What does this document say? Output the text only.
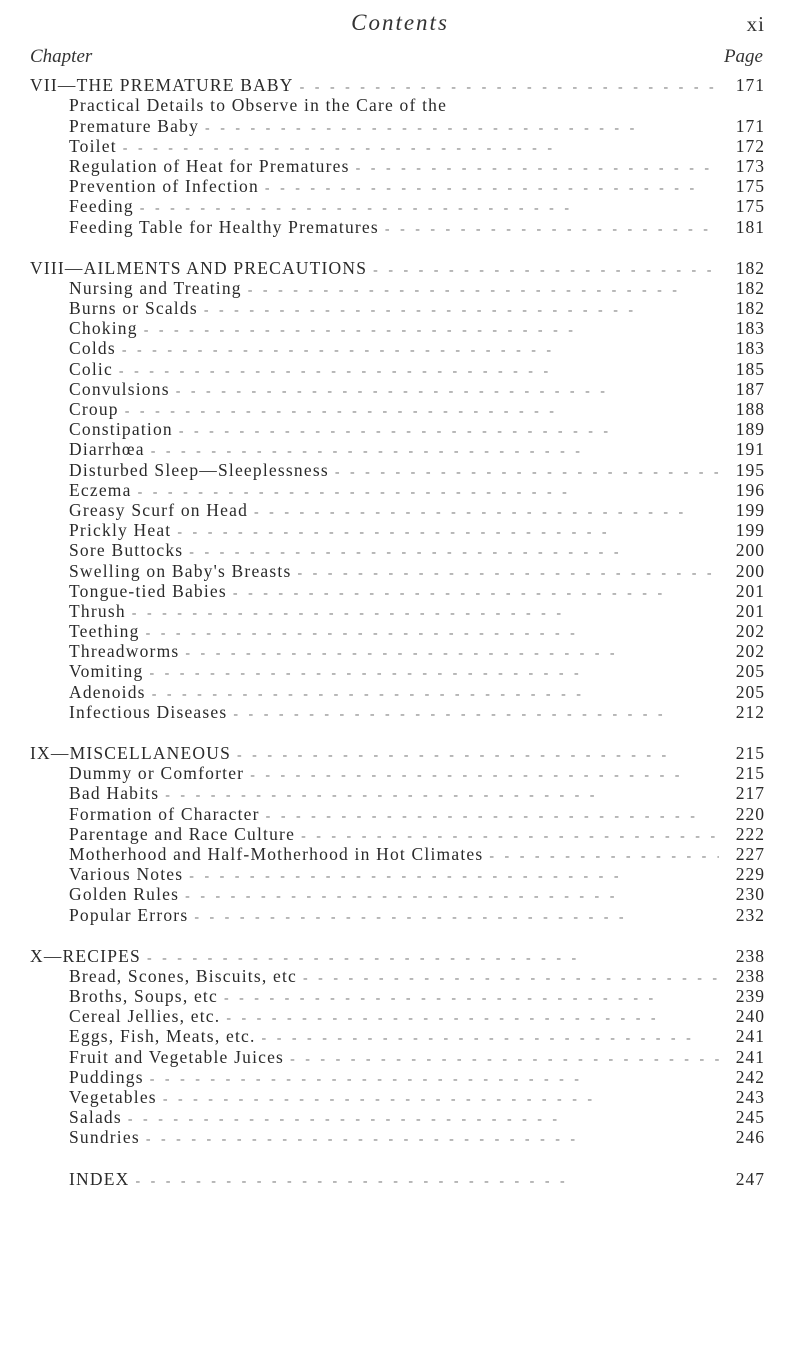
Contents	xi
Chapter	Page
VII—THE PREMATURE BABY - -	171
Practical Details to Observe in the Care of the
Premature Baby - -	171
Toilet - -	172
Regulation of Heat for Prematures - -	173
Prevention of Infection - -	175
Feeding - -	175
Feeding Table for Healthy Prematures - -	181
VIII—AILMENTS AND PRECAUTIONS - -	182
Nursing and Treating - -	182
Burns or Scalds - -	182
Choking - -	183
Colds - -	183
Colic - -	185
Convulsions - -	187
Croup - -	188
Constipation - -	189
Diarrhœa - -	191
Disturbed Sleep—Sleeplessness - -	195
Eczema - -	196
Greasy Scurf on Head - -	199
Prickly Heat - -	199
Sore Buttocks - -	200
Swelling on Baby's Breasts - -	200
Tongue-tied Babies - -	201
Thrush - -	201
Teething - -	202
Threadworms - -	202
Vomiting - -	205
Adenoids - -	205
Infectious Diseases - -	212
IX—MISCELLANEOUS - -	215
Dummy or Comforter - -	215
Bad Habits - -	217
Formation of Character - -	220
Parentage and Race Culture - -	222
Motherhood and Half-Motherhood in Hot Climates - -	227
Various Notes - -	229
Golden Rules - -	230
Popular Errors - -	232
X—RECIPES - -	238
Bread, Scones, Biscuits, etc - -	238
Broths, Soups, etc - -	239
Cereal Jellies, etc. - -	240
Eggs, Fish, Meats, etc. - -	241
Fruit and Vegetable Juices - -	241
Puddings - -	242
Vegetables - -	243
Salads - -	245
Sundries - -	246
INDEX - -	247
